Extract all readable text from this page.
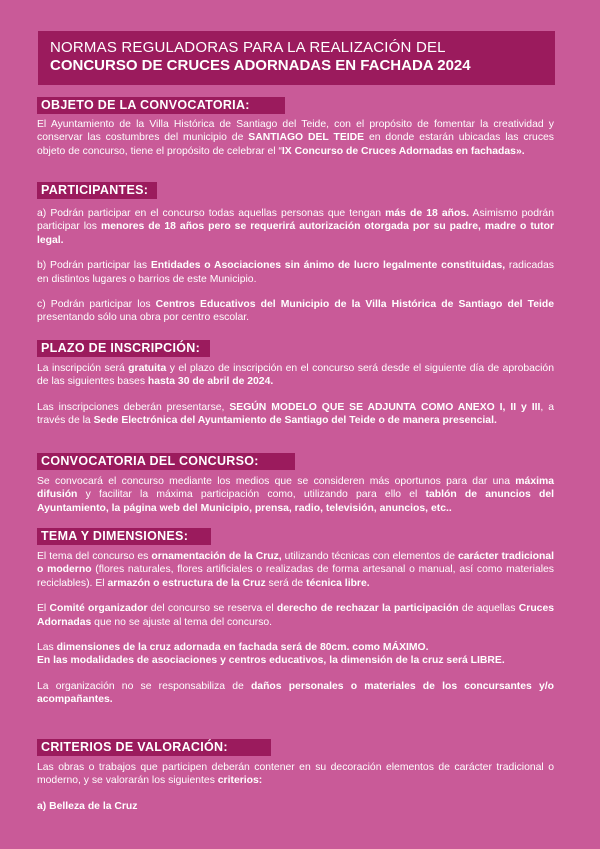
NORMAS REGULADORAS PARA LA REALIZACIÓN DEL
CONCURSO DE CRUCES ADORNADAS EN FACHADA 2024
OBJETO DE LA CONVOCATORIA:

El Ayuntamiento de la Villa Histórica de Santiago del Teide, con el propósito de fomentar la creatividad y conservar las costumbres del municipio de SANTIAGO DEL TEIDE en donde estarán ubicadas las cruces objeto de concurso, tiene el propósito de celebrar el “IX Concurso de Cruces Adornadas en fachadas».

PARTICIPANTES:

a) Podrán participar en el concurso todas aquellas personas que tengan más de 18 años. Asimismo podrán participar los menores de 18 años pero se requerirá autorización otorgada por su padre, madre o tutor legal.

b) Podrán participar las Entidades o Asociaciones sin ánimo de lucro legalmente constituidas, radicadas en distintos lugares o barrios de este Municipio.

c) Podrán participar los Centros Educativos del Municipio de la Villa Histórica de Santiago del Teide presentando sólo una obra por centro escolar.

PLAZO DE INSCRIPCIÓN:

La inscripción será gratuita y el plazo de inscripción en el concurso será desde el siguiente día de aprobación de las siguientes bases hasta 30 de abril de 2024.

Las inscripciones deberán presentarse, SEGÚN MODELO QUE SE ADJUNTA COMO ANEXO I, II y III, a través de la Sede Electrónica del Ayuntamiento de Santiago del Teide o de manera presencial.

CONVOCATORIA DEL CONCURSO:

Se convocará el concurso mediante los medios que se consideren más oportunos para dar una máxima difusión y facilitar la máxima participación como, utilizando para ello el tablón de anuncios del Ayuntamiento, la página web del Municipio, prensa, radio, televisión, anuncios, etc..

TEMA Y DIMENSIONES:

El tema del concurso es ornamentación de la Cruz, utilizando técnicas con elementos de carácter tradicional o moderno (flores naturales, flores artificiales o realizadas de forma artesanal o manual, así como materiales reciclables). El armazón o estructura de la Cruz será de técnica libre.

El Comité organizador del concurso se reserva el derecho de rechazar la participación de aquellas Cruces Adornadas que no se ajuste al tema del concurso.

Las dimensiones de la cruz adornada en fachada será de 80cm. como MÁXIMO.
En las modalidades de asociaciones y centros educativos, la dimensión de la cruz será LIBRE.

La organización no se responsabiliza de daños personales o materiales de los concursantes y/o acompañantes.

CRITERIOS DE VALORACIÓN:

Las obras o trabajos que participen deberán contener en su decoración elementos de carácter tradicional o moderno, y se valorarán los siguientes criterios:

a) Belleza de la Cruz
